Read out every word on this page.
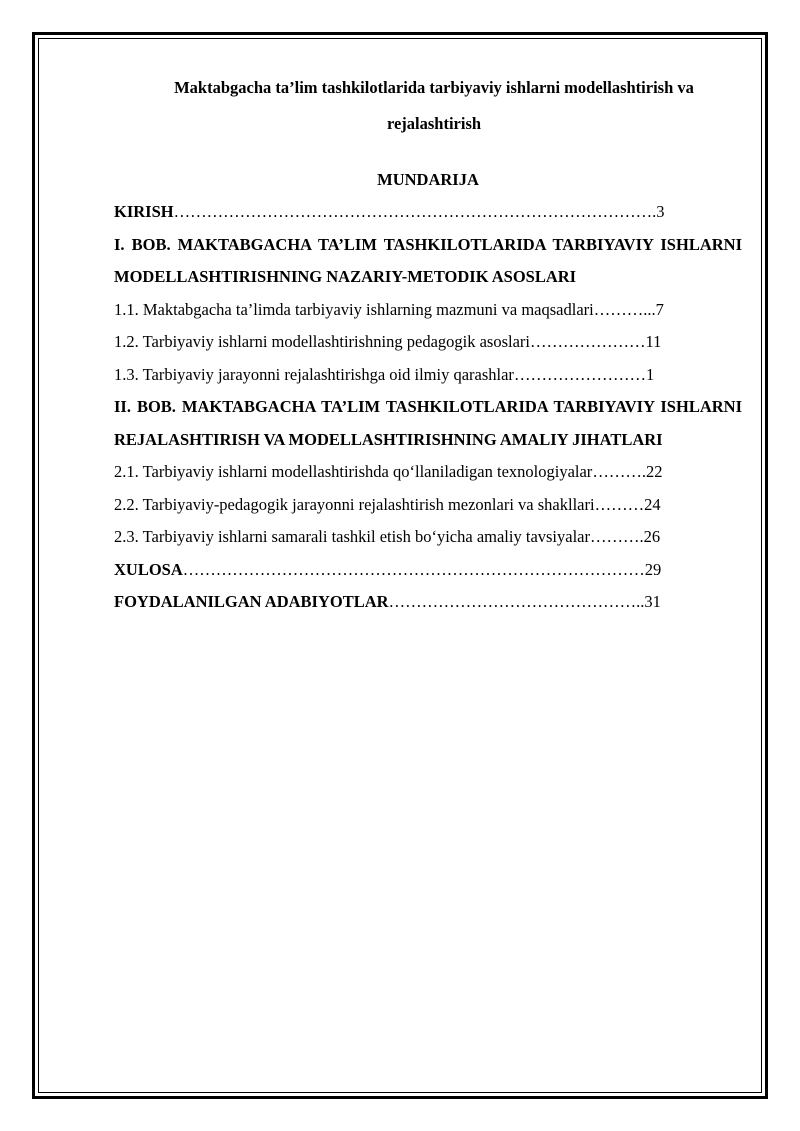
Maktabgacha ta’lim tashkilotlarida tarbiyaviy ishlarni modellashtirish va rejalashtirish

MUNDARIJA

KIRISH…………………………………………………………………………….3
I. BOB. MAKTABGACHA TA’LIM TASHKILOTLARIDA TARBIYAVIY ISHLARNI MODELLASHTIRISHNING NAZARIY-METODIK ASOSLARI
1.1. Maktabgacha ta’limda tarbiyaviy ishlarning mazmuni va maqsadlari………...7
1.2. Tarbiyaviy ishlarni modellashtirishning pedagogik asoslari…………………11
1.3. Tarbiyaviy jarayonni rejalashtirishga oid ilmiy qarashlar……………………1
II. BOB. MAKTABGACHA TA’LIM TASHKILOTLARIDA TARBIYAVIY ISHLARNI REJALASHTIRISH VA MODELLASHTIRISHNING AMALIY JIHATLARI
2.1. Tarbiyaviy ishlarni modellashtirishda qo‘llaniladigan texnologiyalar……….22
2.2. Tarbiyaviy-pedagogik jarayonni rejalashtirish mezonlari va shakllari………24
2.3. Tarbiyaviy ishlarni samarali tashkil etish bo‘yicha amaliy tavsiyalar……….26
XULOSA…………………………………………………………………………29
FOYDALANILGAN ADABIYOTLAR………………………………………..31
